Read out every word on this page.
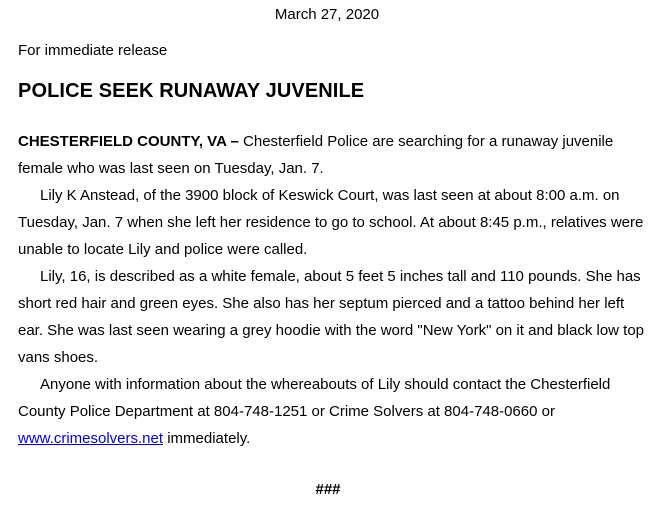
March 27, 2020
For immediate release
POLICE SEEK RUNAWAY JUVENILE

CHESTERFIELD COUNTY, VA – Chesterfield Police are searching for a runaway juvenile female who was last seen on Tuesday, Jan. 7.

Lily K Anstead, of the 3900 block of Keswick Court, was last seen at about 8:00 a.m. on Tuesday, Jan. 7 when she left her residence to go to school. At about 8:45 p.m., relatives were unable to locate Lily and police were called.

Lily, 16, is described as a white female, about 5 feet 5 inches tall and 110 pounds. She has short red hair and green eyes. She also has her septum pierced and a tattoo behind her left ear. She was last seen wearing a grey hoodie with the word "New York" on it and black low top vans shoes.

Anyone with information about the whereabouts of Lily should contact the Chesterfield County Police Department at 804-748-1251 or Crime Solvers at 804-748-0660 or www.crimesolvers.net immediately.

###
